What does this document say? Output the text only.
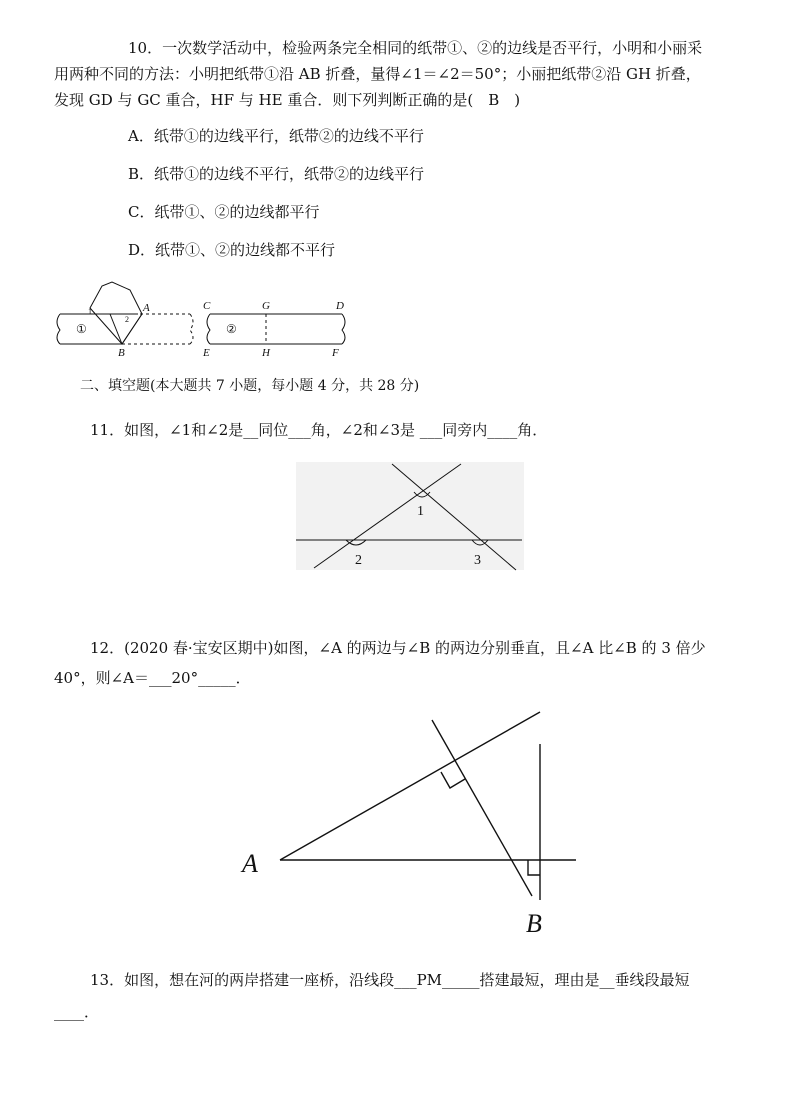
10．一次数学活动中，检验两条完全相同的纸带①、②的边线是否平行，小明和小丽采
用两种不同的方法：小明把纸带①沿 AB 折叠，量得∠1＝∠2＝50°；小丽把纸带②沿 GH 折叠，
发现 GD 与 GC 重合，HF 与 HE 重合．则下列判断正确的是(　B　)
A．纸带①的边线平行，纸带②的边线不平行
B．纸带①的边线不平行，纸带②的边线平行
C．纸带①、②的边线都平行
D．纸带①、②的边线都不平行
①	②
1
2
A
B
C	G	D
E	H	F
二、填空题(本大题共 7 小题，每小题 4 分，共 28 分)
11．如图，∠1和∠2是__同位___角，∠2和∠3是 ___同旁内____角．
1
2	3
12．(2020 春·宝安区期中)如图，∠A 的两边与∠B 的两边分别垂直，且∠A 比∠B 的 3 倍少
40°，则∠A＝___20°_____．
A
B
13．如图，想在河的两岸搭建一座桥，沿线段___PM_____搭建最短，理由是__垂线段最短
____．
